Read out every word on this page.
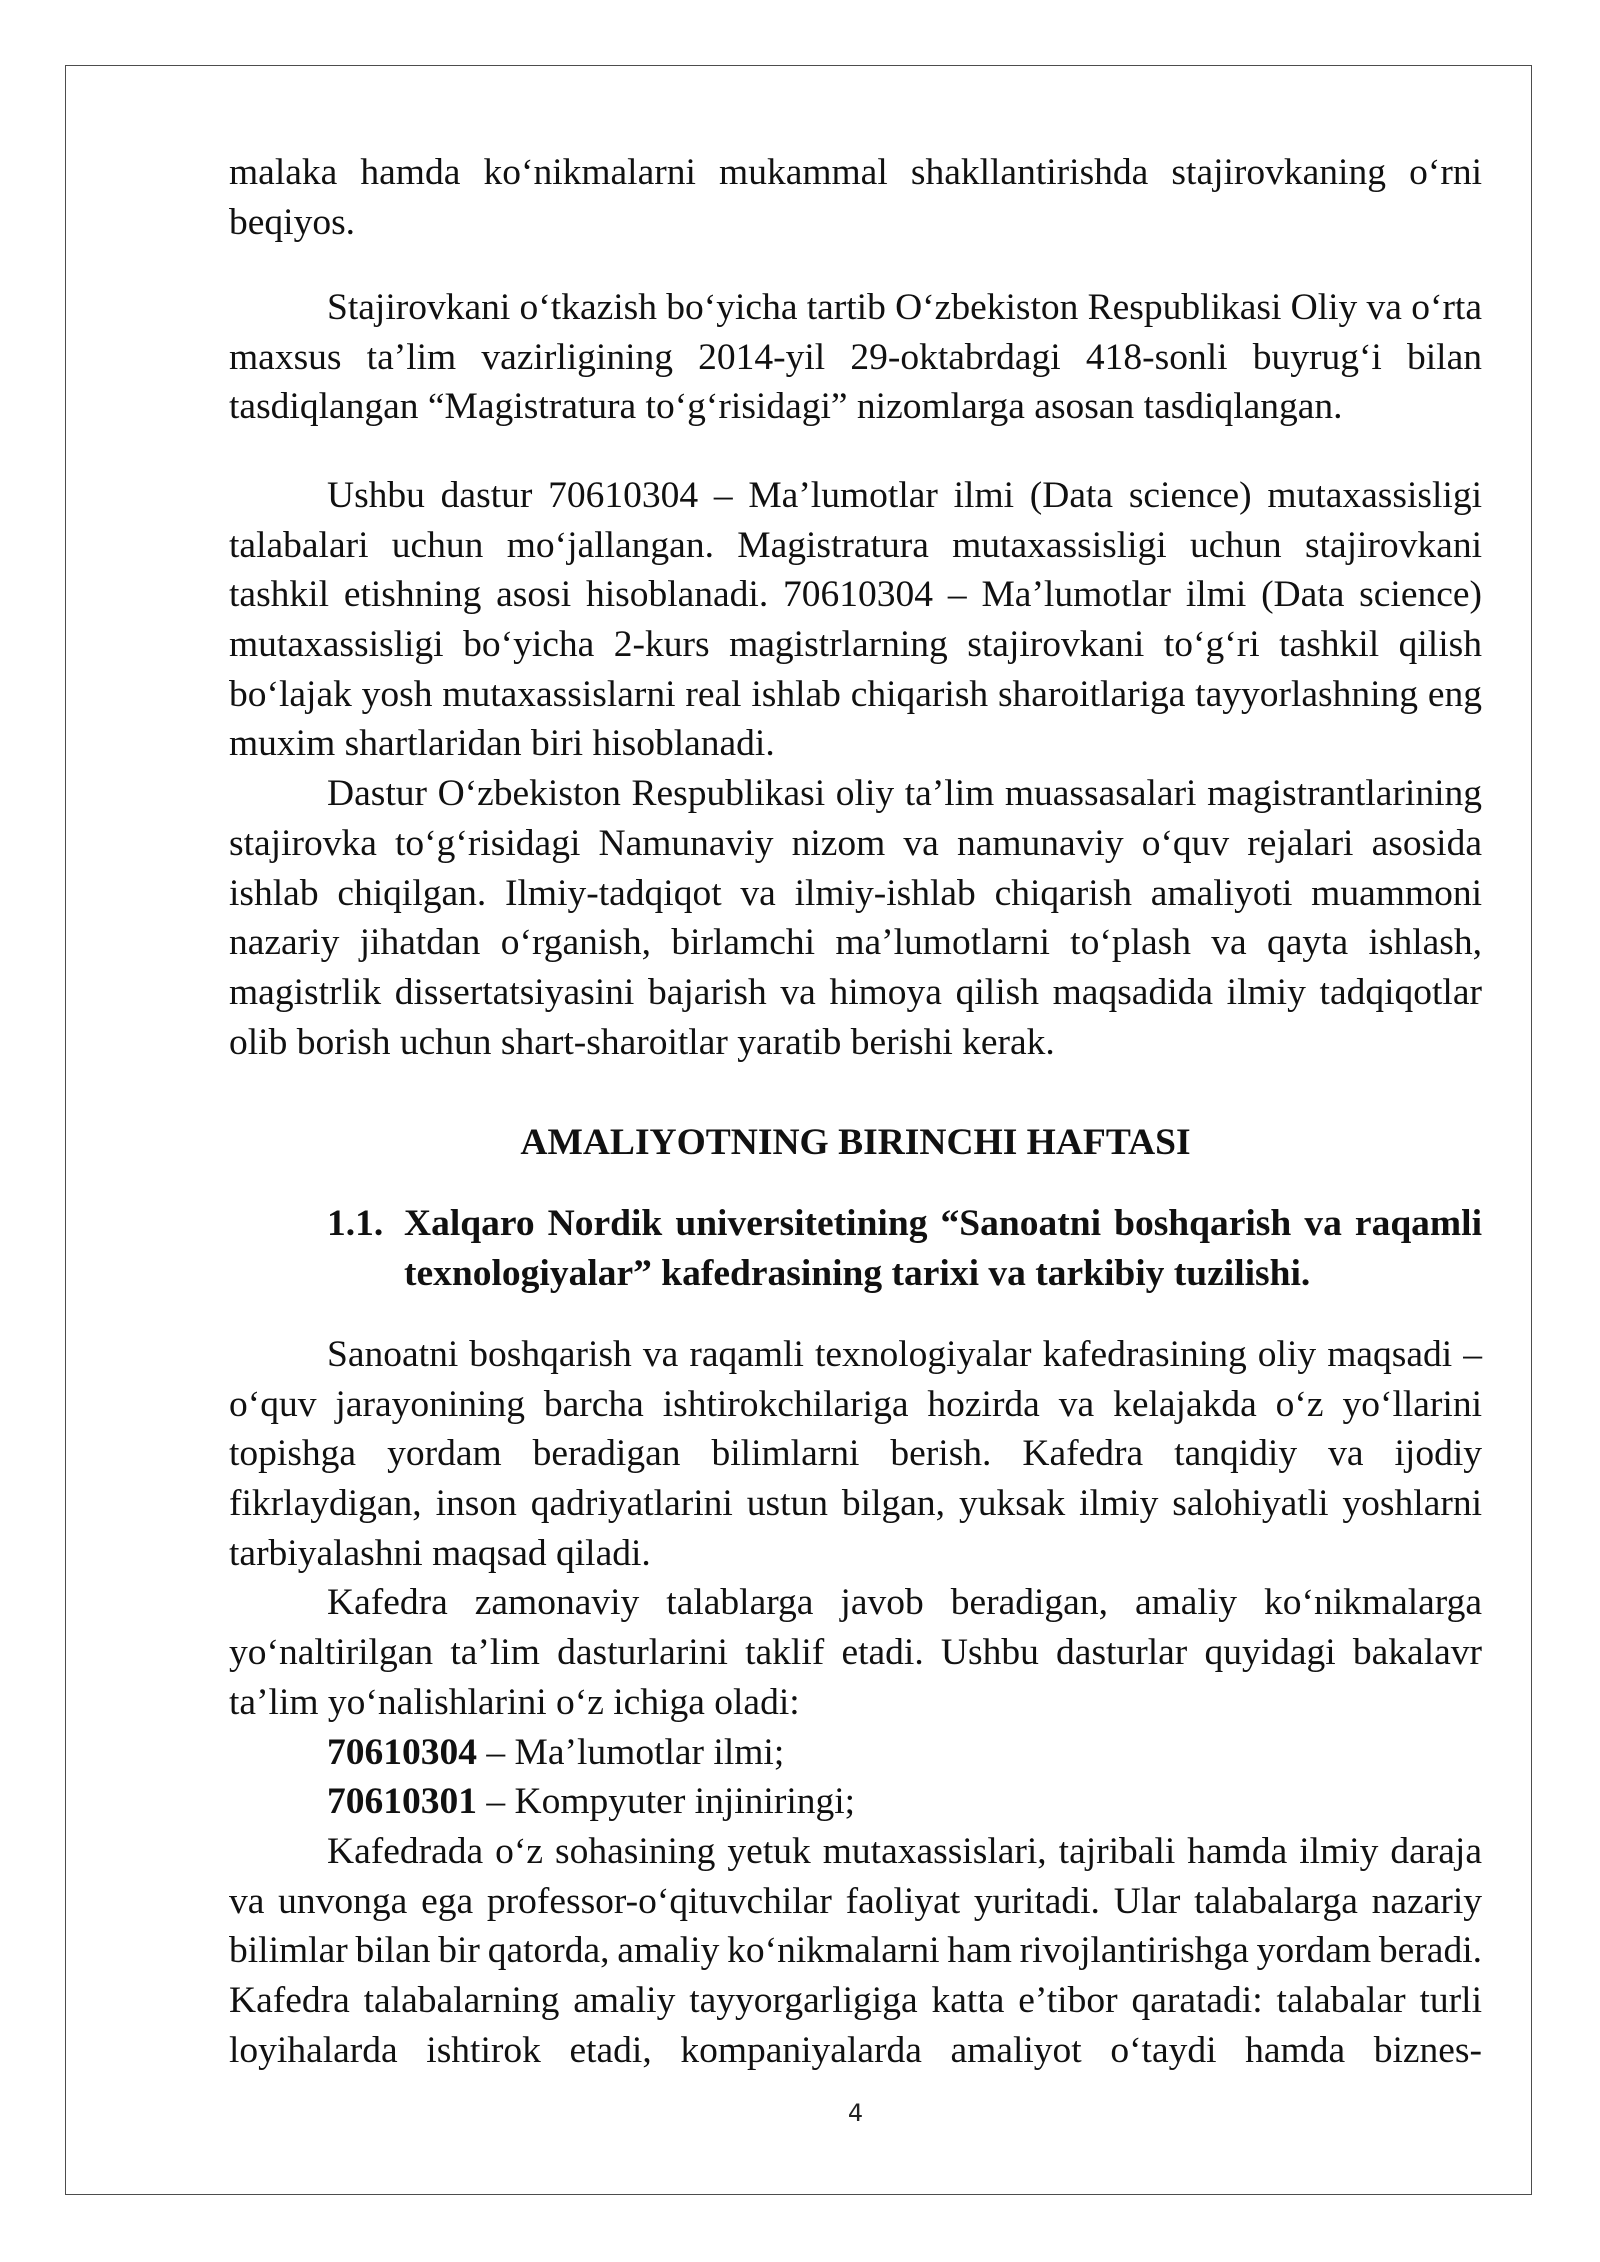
malaka hamda ko‘nikmalarni mukammal shakllantirishda stajirovkaning o‘rni
beqiyos.
Stajirovkani o‘tkazish bo‘yicha tartib O‘zbekiston Respublikasi Oliy va o‘rta
maxsus ta’lim vazirligining 2014-yil 29-oktabrdagi 418-sonli buyrug‘i bilan
tasdiqlangan “Magistratura to‘g‘risidagi” nizomlarga asosan tasdiqlangan.
Ushbu dastur 70610304 – Ma’lumotlar ilmi (Data science) mutaxassisligi
talabalari uchun mo‘jallangan. Magistratura mutaxassisligi uchun stajirovkani
tashkil etishning asosi hisoblanadi. 70610304 – Ma’lumotlar ilmi (Data science)
mutaxassisligi bo‘yicha 2-kurs magistrlarning stajirovkani to‘g‘ri tashkil qilish
bo‘lajak yosh mutaxassislarni real ishlab chiqarish sharoitlariga tayyorlashning eng
muxim shartlaridan biri hisoblanadi.
Dastur O‘zbekiston Respublikasi oliy ta’lim muassasalari magistrantlarining
stajirovka to‘g‘risidagi Namunaviy nizom va namunaviy o‘quv rejalari asosida
ishlab chiqilgan. Ilmiy-tadqiqot va ilmiy-ishlab chiqarish amaliyoti muammoni
nazariy jihatdan o‘rganish, birlamchi ma’lumotlarni to‘plash va qayta ishlash,
magistrlik dissertatsiyasini bajarish va himoya qilish maqsadida ilmiy tadqiqotlar
olib borish uchun shart-sharoitlar yaratib berishi kerak.
AMALIYOTNING BIRINCHI HAFTASI
1.1. Xalqaro Nordik universitetining “Sanoatni boshqarish va raqamli
texnologiyalar” kafedrasining tarixi va tarkibiy tuzilishi.
Sanoatni boshqarish va raqamli texnologiyalar kafedrasining oliy maqsadi –
o‘quv jarayonining barcha ishtirokchilariga hozirda va kelajakda o‘z yo‘llarini
topishga yordam beradigan bilimlarni berish. Kafedra tanqidiy va ijodiy
fikrlaydigan, inson qadriyatlarini ustun bilgan, yuksak ilmiy salohiyatli yoshlarni
tarbiyalashni maqsad qiladi.
Kafedra zamonaviy talablarga javob beradigan, amaliy ko‘nikmalarga
yo‘naltirilgan ta’lim dasturlarini taklif etadi. Ushbu dasturlar quyidagi bakalavr
ta’lim yo‘nalishlarini o‘z ichiga oladi:
70610304 – Ma’lumotlar ilmi;
70610301 – Kompyuter injiniringi;
Kafedrada o‘z sohasining yetuk mutaxassislari, tajribali hamda ilmiy daraja
va unvonga ega professor-o‘qituvchilar faoliyat yuritadi. Ular talabalarga nazariy
bilimlar bilan bir qatorda, amaliy ko‘nikmalarni ham rivojlantirishga yordam beradi.
Kafedra talabalarning amaliy tayyorgarligiga katta e’tibor qaratadi: talabalar turli
loyihalarda ishtirok etadi, kompaniyalarda amaliyot o‘taydi hamda biznes-
4
